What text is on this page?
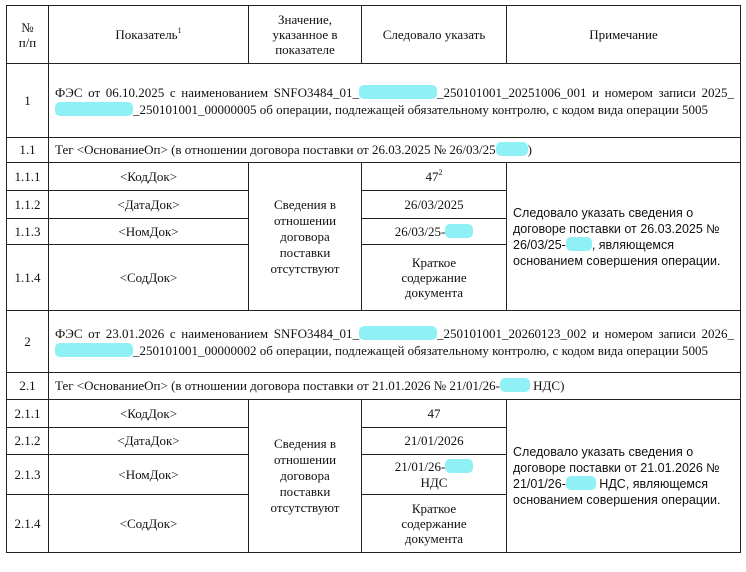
№
п/п	Показатель$^1$	Значение,
указанное в
показателе	Следовало указать	Примечание
1	ФЭС от 06.10.2025 с наименованием SNFO3484_01_ _250101001_20251006_001 и номером записи 2025__250101001_00000005 об операции, подлежащей обязательному контролю, с кодом вида операции 5005			
1.1	Тег <ОснованиеОп> (в отношении договора поставки от 26.03.2025 № 26/03/25 )			
1.1.1	<КодДок>	Сведения в
отношении
договора
поставки
отсутствуют	$47^2$	Следовало указать сведения о договоре поставки от 26.03.2025 № 26/03/25- , являющемся основанием совершения операции.
1.1.2	<ДатаДок>		26/03/2025	
1.1.3	<НомДок>		26/03/25-	
1.1.4	<СодДок>		Краткое
содержание
документа	
2	ФЭС от 23.01.2026 с наименованием SNFO3484_01_ _250101001_20260123_002 и номером записи 2026__250101001_00000002 об операции, подлежащей обязательному контролю, с кодом вида операции 5005			
2.1	Тег <ОснованиеОп> (в отношении договора поставки от 21.01.2026 № 21/01/26- НДС)			
2.1.1	<КодДок>	Сведения в
отношении
договора
поставки
отсутствуют	47	Следовало указать сведения о договоре поставки от 21.01.2026 № 21/01/26- НДС, являющемся основанием совершения операции.
2.1.2	<ДатаДок>		21/01/2026	
2.1.3	<НомДок>		21/01/26-
НДС	
2.1.4	<СодДок>		Краткое
содержание
документа	
